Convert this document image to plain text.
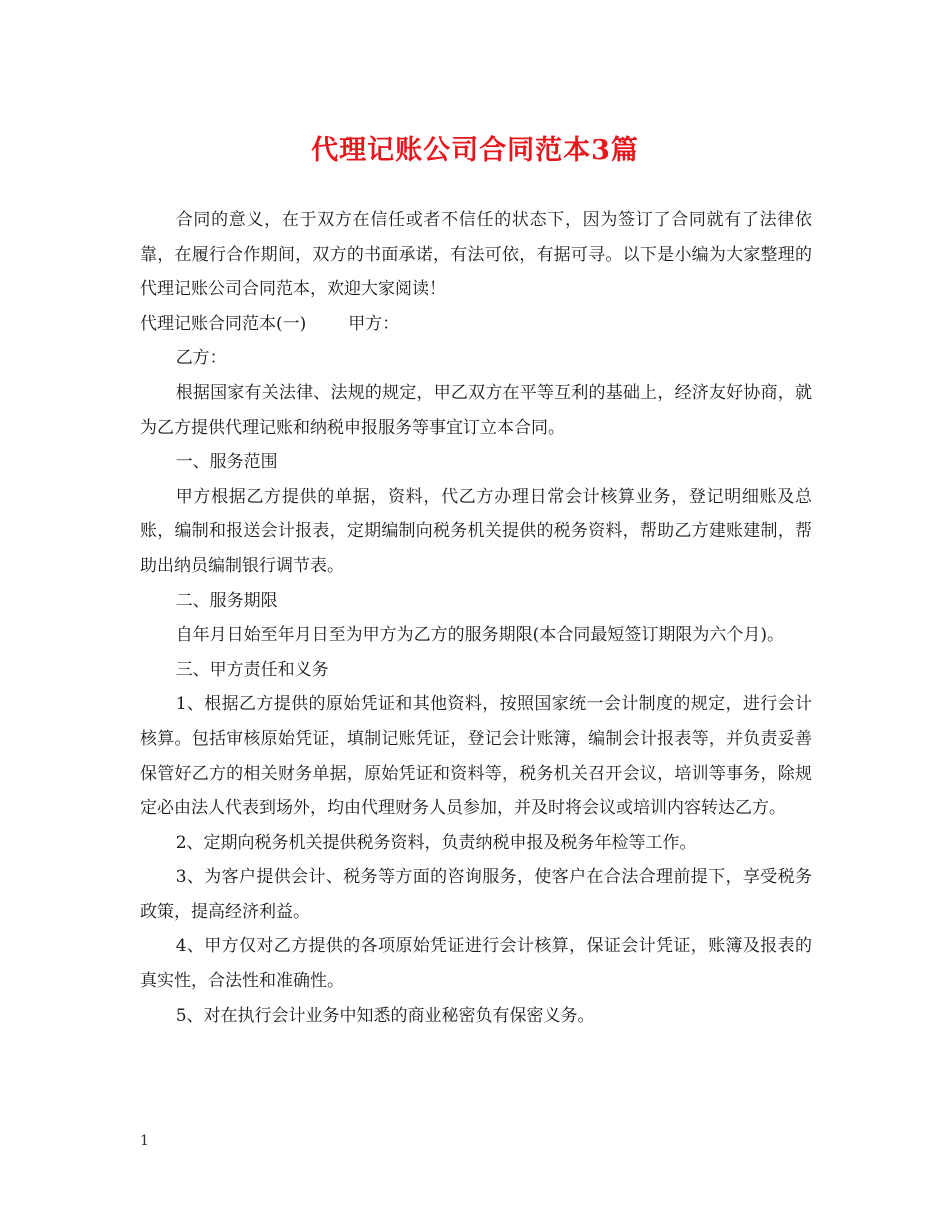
代理记账公司合同范本3篇

合同的意义，在于双方在信任或者不信任的状态下，因为签订了合同就有了法律依靠，在履行合作期间，双方的书面承诺，有法可依，有据可寻。以下是小编为大家整理的代理记账公司合同范本，欢迎大家阅读！

代理记账合同范本(一) 甲方：

乙方：

根据国家有关法律、法规的规定，甲乙双方在平等互利的基础上，经济友好协商，就为乙方提供代理记账和纳税申报服务等事宜订立本合同。

一、服务范围

甲方根据乙方提供的单据，资料，代乙方办理日常会计核算业务，登记明细账及总账，编制和报送会计报表，定期编制向税务机关提供的税务资料，帮助乙方建账建制，帮助出纳员编制银行调节表。

二、服务期限

自年月日始至年月日至为甲方为乙方的服务期限(本合同最短签订期限为六个月)。

三、甲方责任和义务

1、根据乙方提供的原始凭证和其他资料，按照国家统一会计制度的规定，进行会计核算。包括审核原始凭证，填制记账凭证，登记会计账簿，编制会计报表等，并负责妥善保管好乙方的相关财务单据，原始凭证和资料等，税务机关召开会议，培训等事务，除规定必由法人代表到场外，均由代理财务人员参加，并及时将会议或培训内容转达乙方。

2、定期向税务机关提供税务资料，负责纳税申报及税务年检等工作。

3、为客户提供会计、税务等方面的咨询服务，使客户在合法合理前提下，享受税务政策，提高经济利益。

4、甲方仅对乙方提供的各项原始凭证进行会计核算，保证会计凭证，账簿及报表的真实性，合法性和准确性。

5、对在执行会计业务中知悉的商业秘密负有保密义务。

1
